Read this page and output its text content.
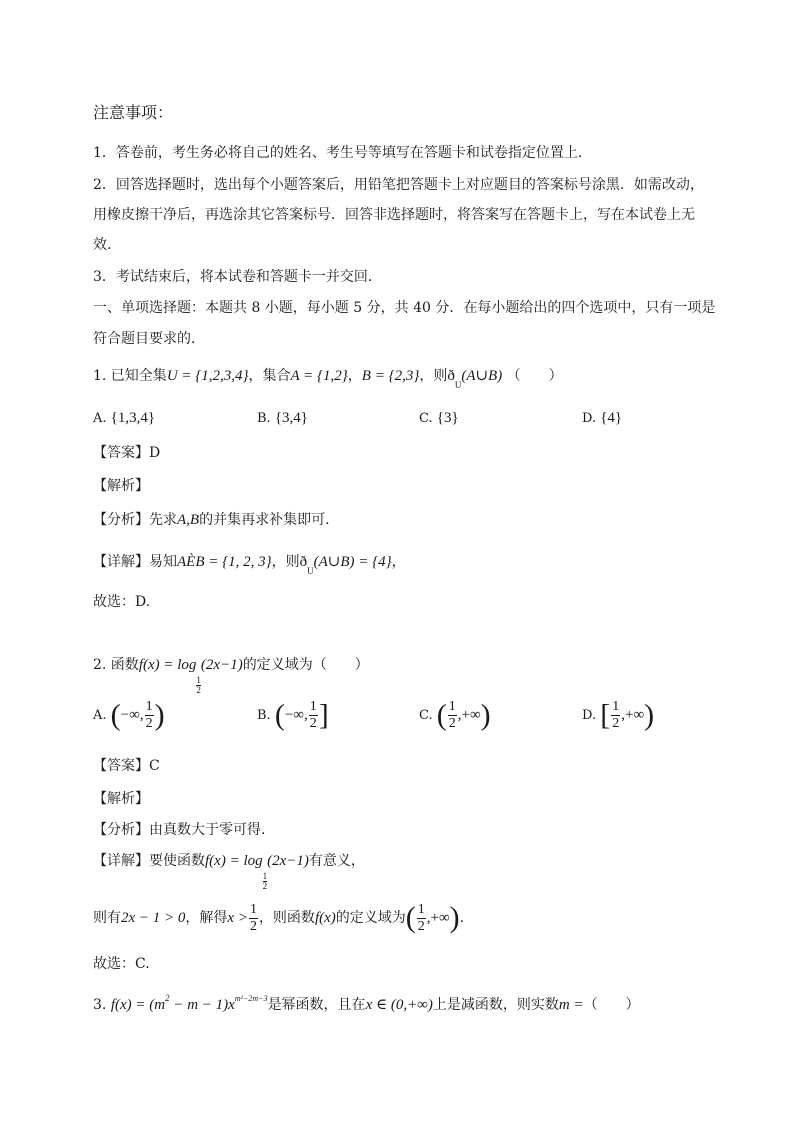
注意事项：
1．答卷前，考生务必将自己的姓名、考生号等填写在答题卡和试卷指定位置上．
2．回答选择题时，选出每个小题答案后，用铅笔把答题卡上对应题目的答案标号涂黑．如需改动，
用橡皮擦干净后，再选涂其它答案标号．回答非选择题时，将答案写在答题卡上，写在本试卷上无
效．
3．考试结束后，将本试卷和答题卡一并交回．
一、单项选择题：本题共 8 小题，每小题 5 分，共 40 分．在每小题给出的四个选项中，只有一项是
符合题目要求的．
1. 已知全集U = {1,2,3,4}，集合A = {1,2}，B = {2,3}，则$ð_U(A\cup B)$ （　　）
A. {1,3,4}	B. {3,4}	C. {3}	D. {4}
【答案】D
【解析】
【分析】先求A,B的并集再求补集即可.
【详解】易知AÈB = {1, 2, 3}，则$ð_U(A\cup B) = \{4\}$，
故选：D.
2. 函数f(x) = log
$\frac{1}{2}$
(2x−1)的定义域为（　　）
A. (−∞, $\frac{1}{2}$ )	B. (−∞, $\frac{1}{2}$ ]	C. ( $\frac{1}{2}$ ,+∞)	D. [ $\frac{1}{2}$ ,+∞)
【答案】C
【解析】
【分析】由真数大于零可得.
【详解】要使函数f(x) = log
$\frac{1}{2}$
(2x−1)有意义，
则有2x − 1 > 0，解得$x > \frac{1}{2}$ ，则函数f(x)的定义域为( $\frac{1}{2}$ ,+∞).
故选：C.
3. $f(x) = (m^2 - m - 1)x^{m^2-2m-3}$是幂函数，且在x ∈ (0,+∞)上是减函数，则实数m =（　　）
